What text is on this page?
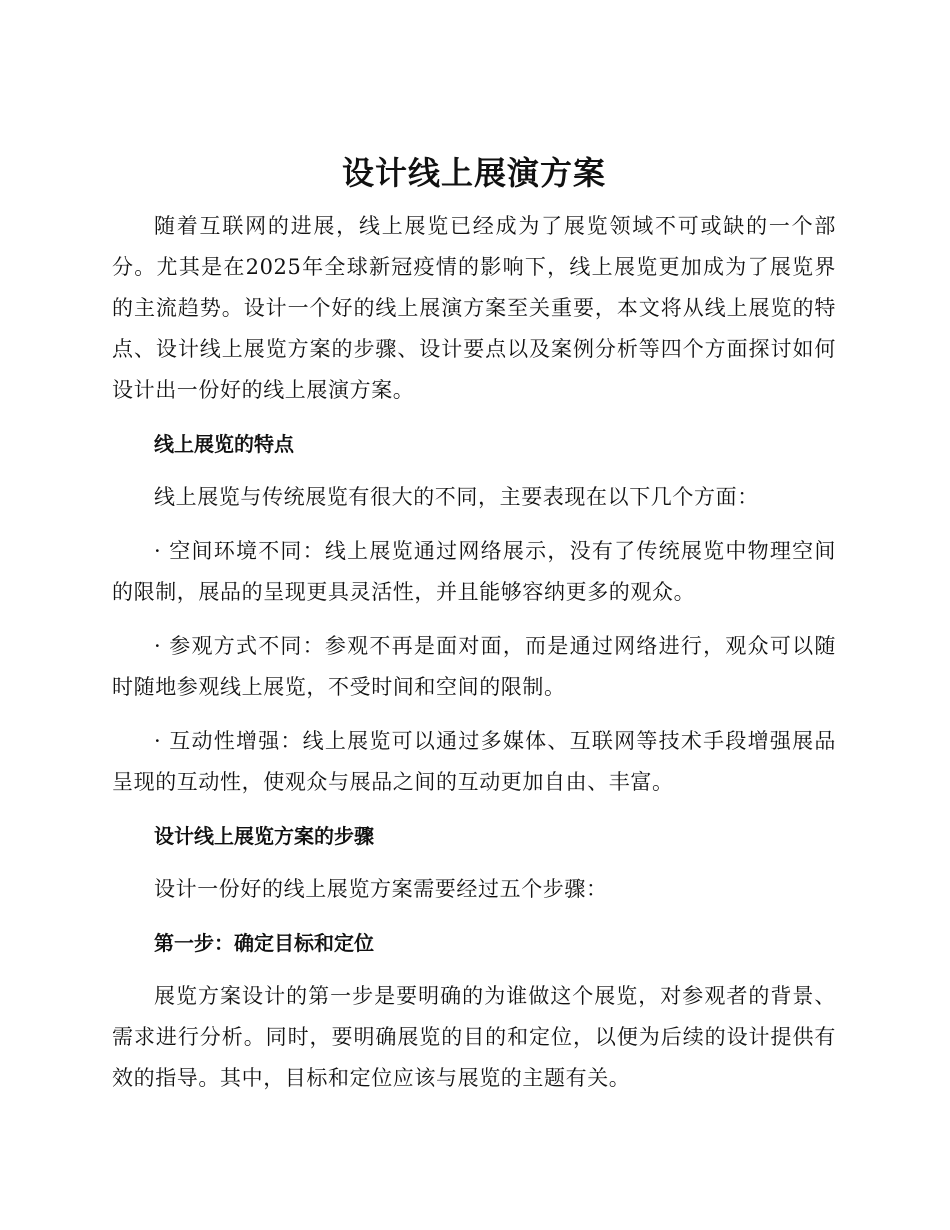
设计线上展演方案

随着互联网的进展，线上展览已经成为了展览领域不可或缺的一个部分。尤其是在2025年全球新冠疫情的影响下，线上展览更加成为了展览界的主流趋势。设计一个好的线上展演方案至关重要，本文将从线上展览的特点、设计线上展览方案的步骤、设计要点以及案例分析等四个方面探讨如何设计出一份好的线上展演方案。

线上展览的特点

线上展览与传统展览有很大的不同，主要表现在以下几个方面：

· 空间环境不同：线上展览通过网络展示，没有了传统展览中物理空间的限制，展品的呈现更具灵活性，并且能够容纳更多的观众。

· 参观方式不同：参观不再是面对面，而是通过网络进行，观众可以随时随地参观线上展览，不受时间和空间的限制。

· 互动性增强：线上展览可以通过多媒体、互联网等技术手段增强展品呈现的互动性，使观众与展品之间的互动更加自由、丰富。

设计线上展览方案的步骤

设计一份好的线上展览方案需要经过五个步骤：

第一步：确定目标和定位

展览方案设计的第一步是要明确的为谁做这个展览，对参观者的背景、需求进行分析。同时，要明确展览的目的和定位，以便为后续的设计提供有效的指导。其中，目标和定位应该与展览的主题有关。
